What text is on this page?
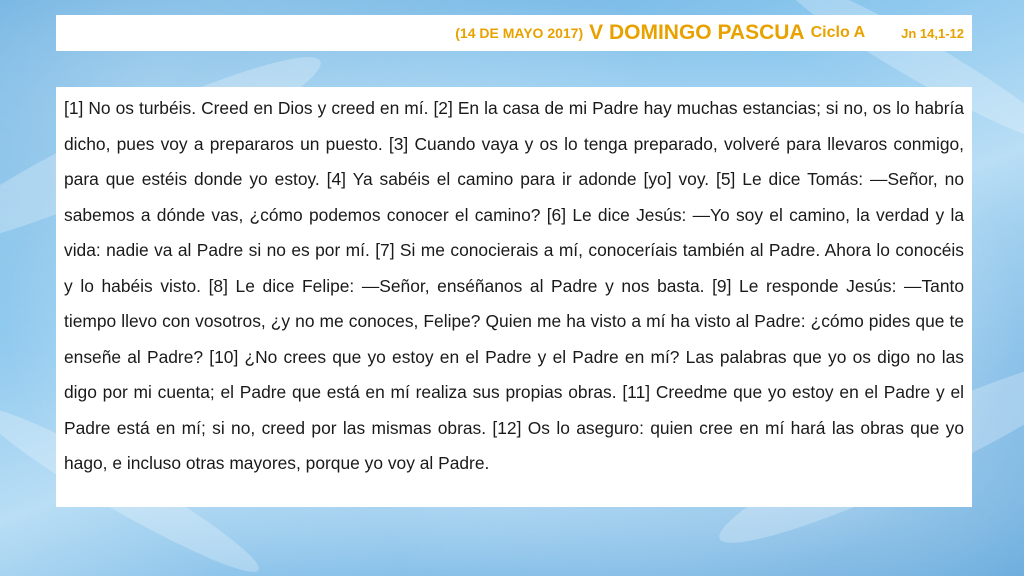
(14 DE MAYO 2017) V DOMINGO PASCUA Ciclo A	Jn 14,1-12

[1] No os turbéis. Creed en Dios y creed en mí. [2] En la casa de mi Padre hay muchas estancias; si no, os lo habría dicho, pues voy a prepararos un puesto. [3] Cuando vaya y os lo tenga preparado, volveré para llevaros conmigo, para que estéis donde yo estoy. [4] Ya sabéis el camino para ir adonde [yo] voy. [5] Le dice Tomás: —Señor, no sabemos a dónde vas, ¿cómo podemos conocer el camino? [6] Le dice Jesús: —Yo soy el camino, la verdad y la vida: nadie va al Padre si no es por mí. [7] Si me conocierais a mí, conoceríais también al Padre. Ahora lo conocéis y lo habéis visto. [8] Le dice Felipe: —Señor, enséñanos al Padre y nos basta. [9] Le responde Jesús: —Tanto tiempo llevo con vosotros, ¿y no me conoces, Felipe? Quien me ha visto a mí ha visto al Padre: ¿cómo pides que te enseñe al Padre? [10] ¿No crees que yo estoy en el Padre y el Padre en mí? Las palabras que yo os digo no las digo por mi cuenta; el Padre que está en mí realiza sus propias obras. [11] Creedme que yo estoy en el Padre y el Padre está en mí; si no, creed por las mismas obras. [12] Os lo aseguro: quien cree en mí hará las obras que yo hago, e incluso otras mayores, porque yo voy al Padre.
